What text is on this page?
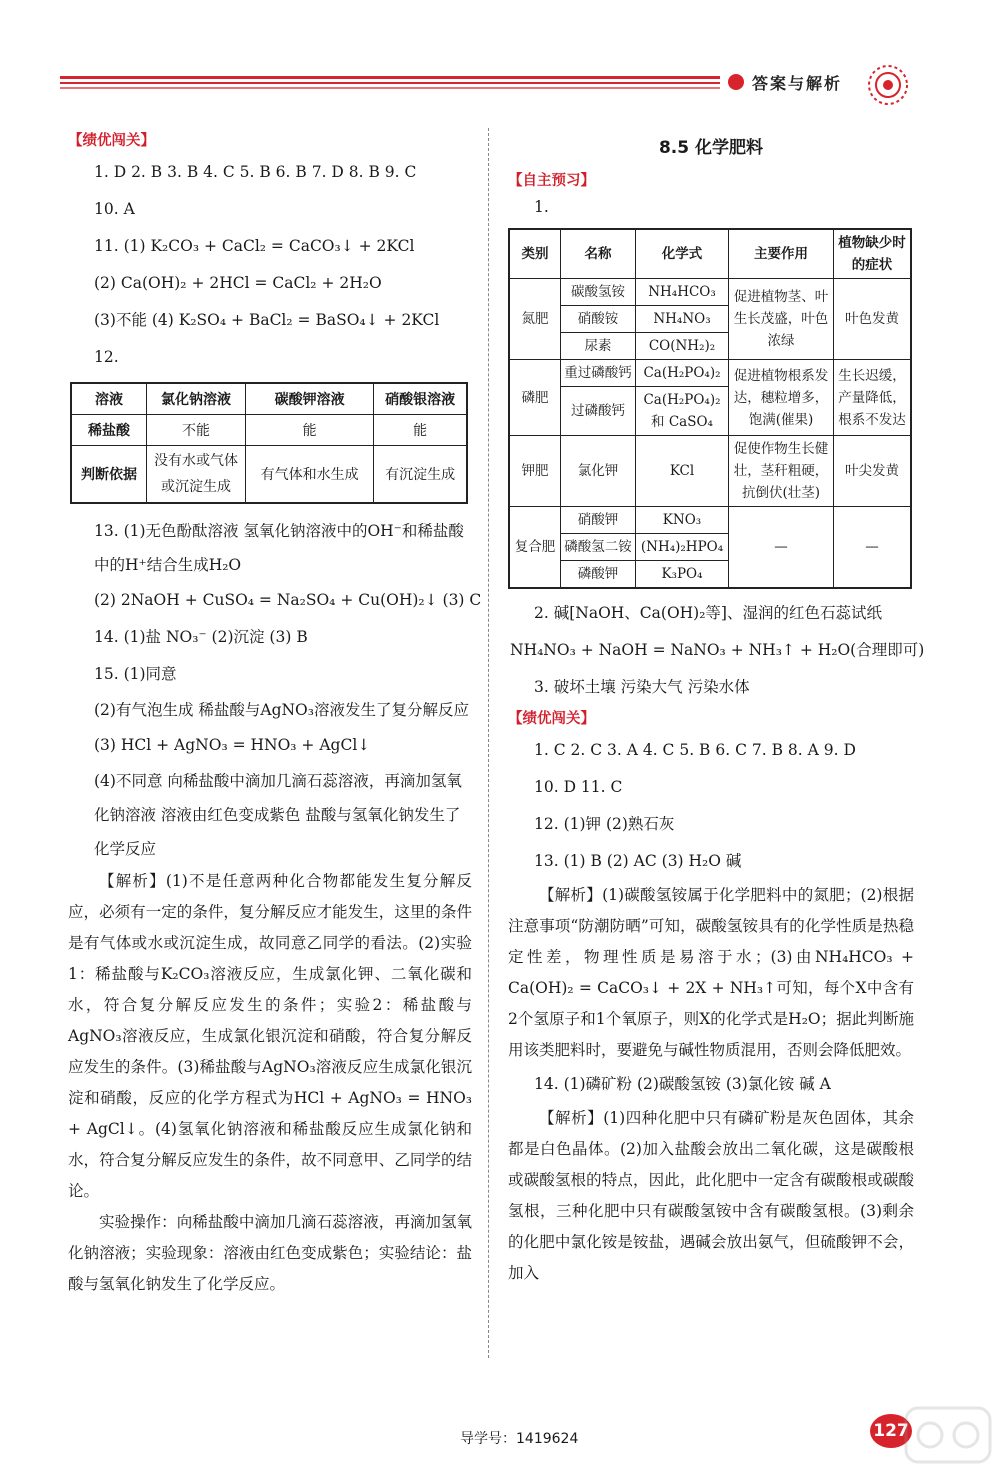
答案与解析
【绩优闯关】
1. D 2. B 3. B 4. C 5. B 6. B 7. D 8. B 9. C
10. A
11. (1) K₂CO₃ + CaCl₂ = CaCO₃↓ + 2KCl
(2) Ca(OH)₂ + 2HCl = CaCl₂ + 2H₂O
(3)不能 (4) K₂SO₄ + BaCl₂ = BaSO₄↓ + 2KCl
12.
溶液	氯化钠溶液	碳酸钾溶液	硝酸银溶液
稀盐酸	不能	能	能
判断依据	没有水或气体或沉淀生成	有气体和水生成	有沉淀生成
13. (1)无色酚酞溶液 氢氧化钠溶液中的OH⁻和稀盐酸中的H⁺结合生成H₂O
(2) 2NaOH + CuSO₄ = Na₂SO₄ + Cu(OH)₂↓ (3) C
14. (1)盐 NO₃⁻ (2)沉淀 (3) B
15. (1)同意
(2)有气泡生成 稀盐酸与AgNO₃溶液发生了复分解反应
(3) HCl + AgNO₃ = HNO₃ + AgCl↓
(4)不同意 向稀盐酸中滴加几滴石蕊溶液，再滴加氢氧化钠溶液 溶液由红色变成紫色 盐酸与氢氧化钠发生了化学反应
【解析】(1)不是任意两种化合物都能发生复分解反应，必须有一定的条件，复分解反应才能发生，这里的条件是有气体或水或沉淀生成，故同意乙同学的看法。(2)实验1：稀盐酸与K₂CO₃溶液反应，生成氯化钾、二氧化碳和水，符合复分解反应发生的条件；实验2：稀盐酸与AgNO₃溶液反应，生成氯化银沉淀和硝酸，符合复分解反应发生的条件。(3)稀盐酸与AgNO₃溶液反应生成氯化银沉淀和硝酸，反应的化学方程式为HCl + AgNO₃ = HNO₃ + AgCl↓。(4)氢氧化钠溶液和稀盐酸反应生成氯化钠和水，符合复分解反应发生的条件，故不同意甲、乙同学的结论。
实验操作：向稀盐酸中滴加几滴石蕊溶液，再滴加氢氧化钠溶液；实验现象：溶液由红色变成紫色；实验结论：盐酸与氢氧化钠发生了化学反应。
8.5 化学肥料
【自主预习】
1.
类别	名称	化学式	主要作用	植物缺少时的症状
氮肥	碳酸氢铵	NH₄HCO₃	促进植物茎、叶生长茂盛，叶色浓绿	叶色发黄
	硝酸铵	NH₄NO₃		
	尿素	CO(NH₂)₂		
磷肥	重过磷酸钙	Ca(H₂PO₄)₂	促进植物根系发达，穗粒增多，饱满(催果)	生长迟缓，产量降低，根系不发达
	过磷酸钙	Ca(H₂PO₄)₂ 和 CaSO₄		
钾肥	氯化钾	KCl	促使作物生长健壮，茎秆粗硬，抗倒伏(壮茎)	叶尖发黄
复合肥	硝酸钾	KNO₃	—	—
	磷酸氢二铵	(NH₄)₂HPO₄		
	磷酸钾	K₃PO₄		
2. 碱[NaOH、Ca(OH)₂等]、湿润的红色石蕊试纸
NH₄NO₃ + NaOH = NaNO₃ + NH₃↑ + H₂O(合理即可)
3. 破坏土壤 污染大气 污染水体
【绩优闯关】
1. C 2. C 3. A 4. C 5. B 6. C 7. B 8. A 9. D
10. D 11. C
12. (1)钾 (2)熟石灰
13. (1) B (2) AC (3) H₂O 碱
【解析】(1)碳酸氢铵属于化学肥料中的氮肥；(2)根据注意事项“防潮防晒”可知，碳酸氢铵具有的化学性质是热稳定性差，物理性质是易溶于水；(3)由NH₄HCO₃ + Ca(OH)₂ = CaCO₃↓ + 2X + NH₃↑可知，每个X中含有2个氢原子和1个氧原子，则X的化学式是H₂O；据此判断施用该类肥料时，要避免与碱性物质混用，否则会降低肥效。
14. (1)磷矿粉 (2)碳酸氢铵 (3)氯化铵 碱 A
【解析】(1)四种化肥中只有磷矿粉是灰色固体，其余都是白色晶体。(2)加入盐酸会放出二氧化碳，这是碳酸根或碳酸氢根的特点，因此，此化肥中一定含有碳酸根或碳酸氢根，三种化肥中只有碳酸氢铵中含有碳酸氢根。(3)剩余的化肥中氯化铵是铵盐，遇碱会放出氨气，但硫酸钾不会，加入
导学号：1419624	127
